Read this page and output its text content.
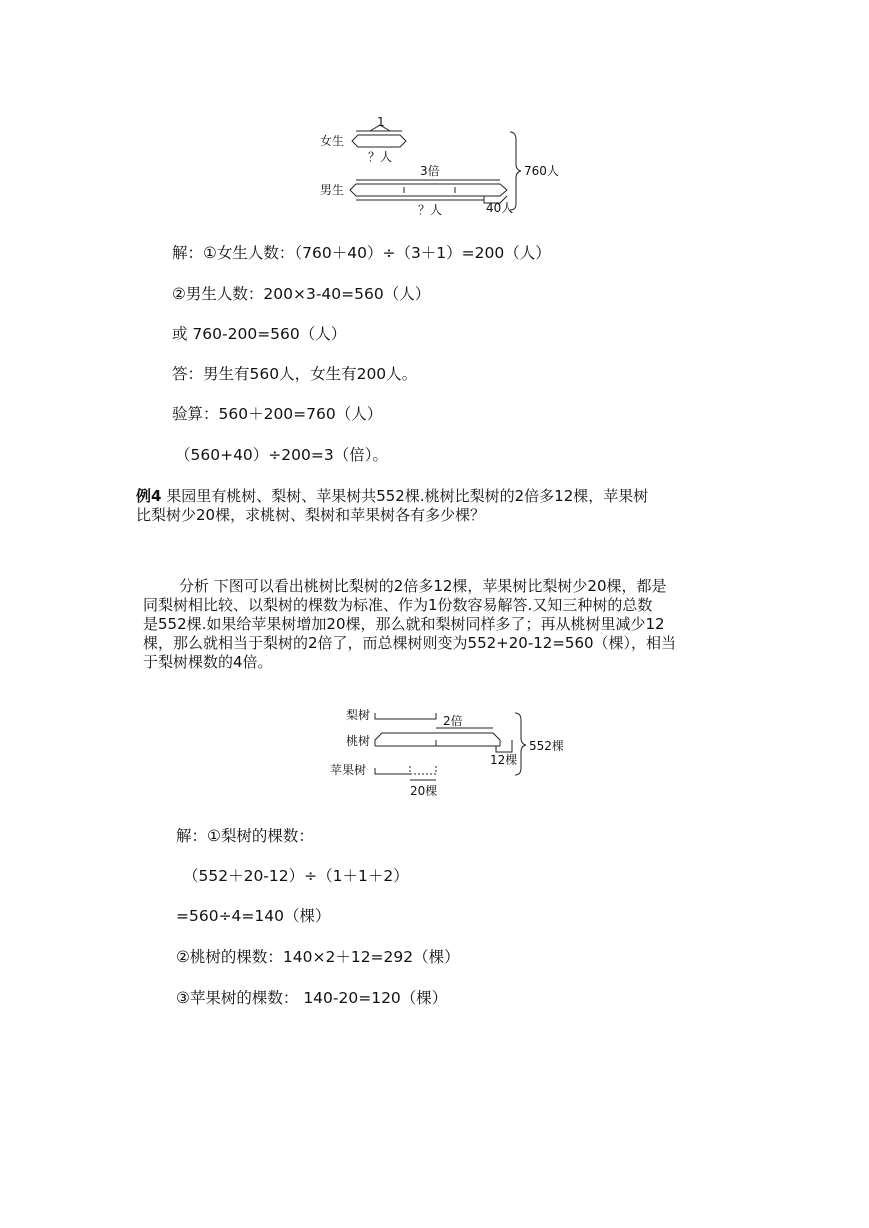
1
女生
？人
3倍
男生
？人	40人
760人
解：①女生人数：（760＋40）÷（3＋1）=200（人）
②男生人数：200×3-40=560（人）
或 760-200=560（人）
答：男生有560人，女生有200人。
验算：560＋200=760（人）
（560+40）÷200=3（倍）。
例4 果园里有桃树、梨树、苹果树共552棵.桃树比梨树的2倍多12棵，苹果树
比梨树少20棵，求桃树、梨树和苹果树各有多少棵？
分析 下图可以看出桃树比梨树的2倍多12棵，苹果树比梨树少20棵，都是
同梨树相比较、以梨树的棵数为标准、作为1份数容易解答.又知三种树的总数
是552棵.如果给苹果树增加20棵，那么就和梨树同样多了；再从桃树里减少12
棵，那么就相当于梨树的2倍了，而总棵树则变为552+20-12=560（棵），相当
于梨树棵数的4倍。
梨树	2倍
桃树	552棵
12棵
苹果树
20棵
解：①梨树的棵数：
（552＋20-12）÷（1＋1＋2）
=560÷4=140（棵）
②桃树的棵数：140×2＋12=292（棵）
③苹果树的棵数： 140-20=120（棵）
